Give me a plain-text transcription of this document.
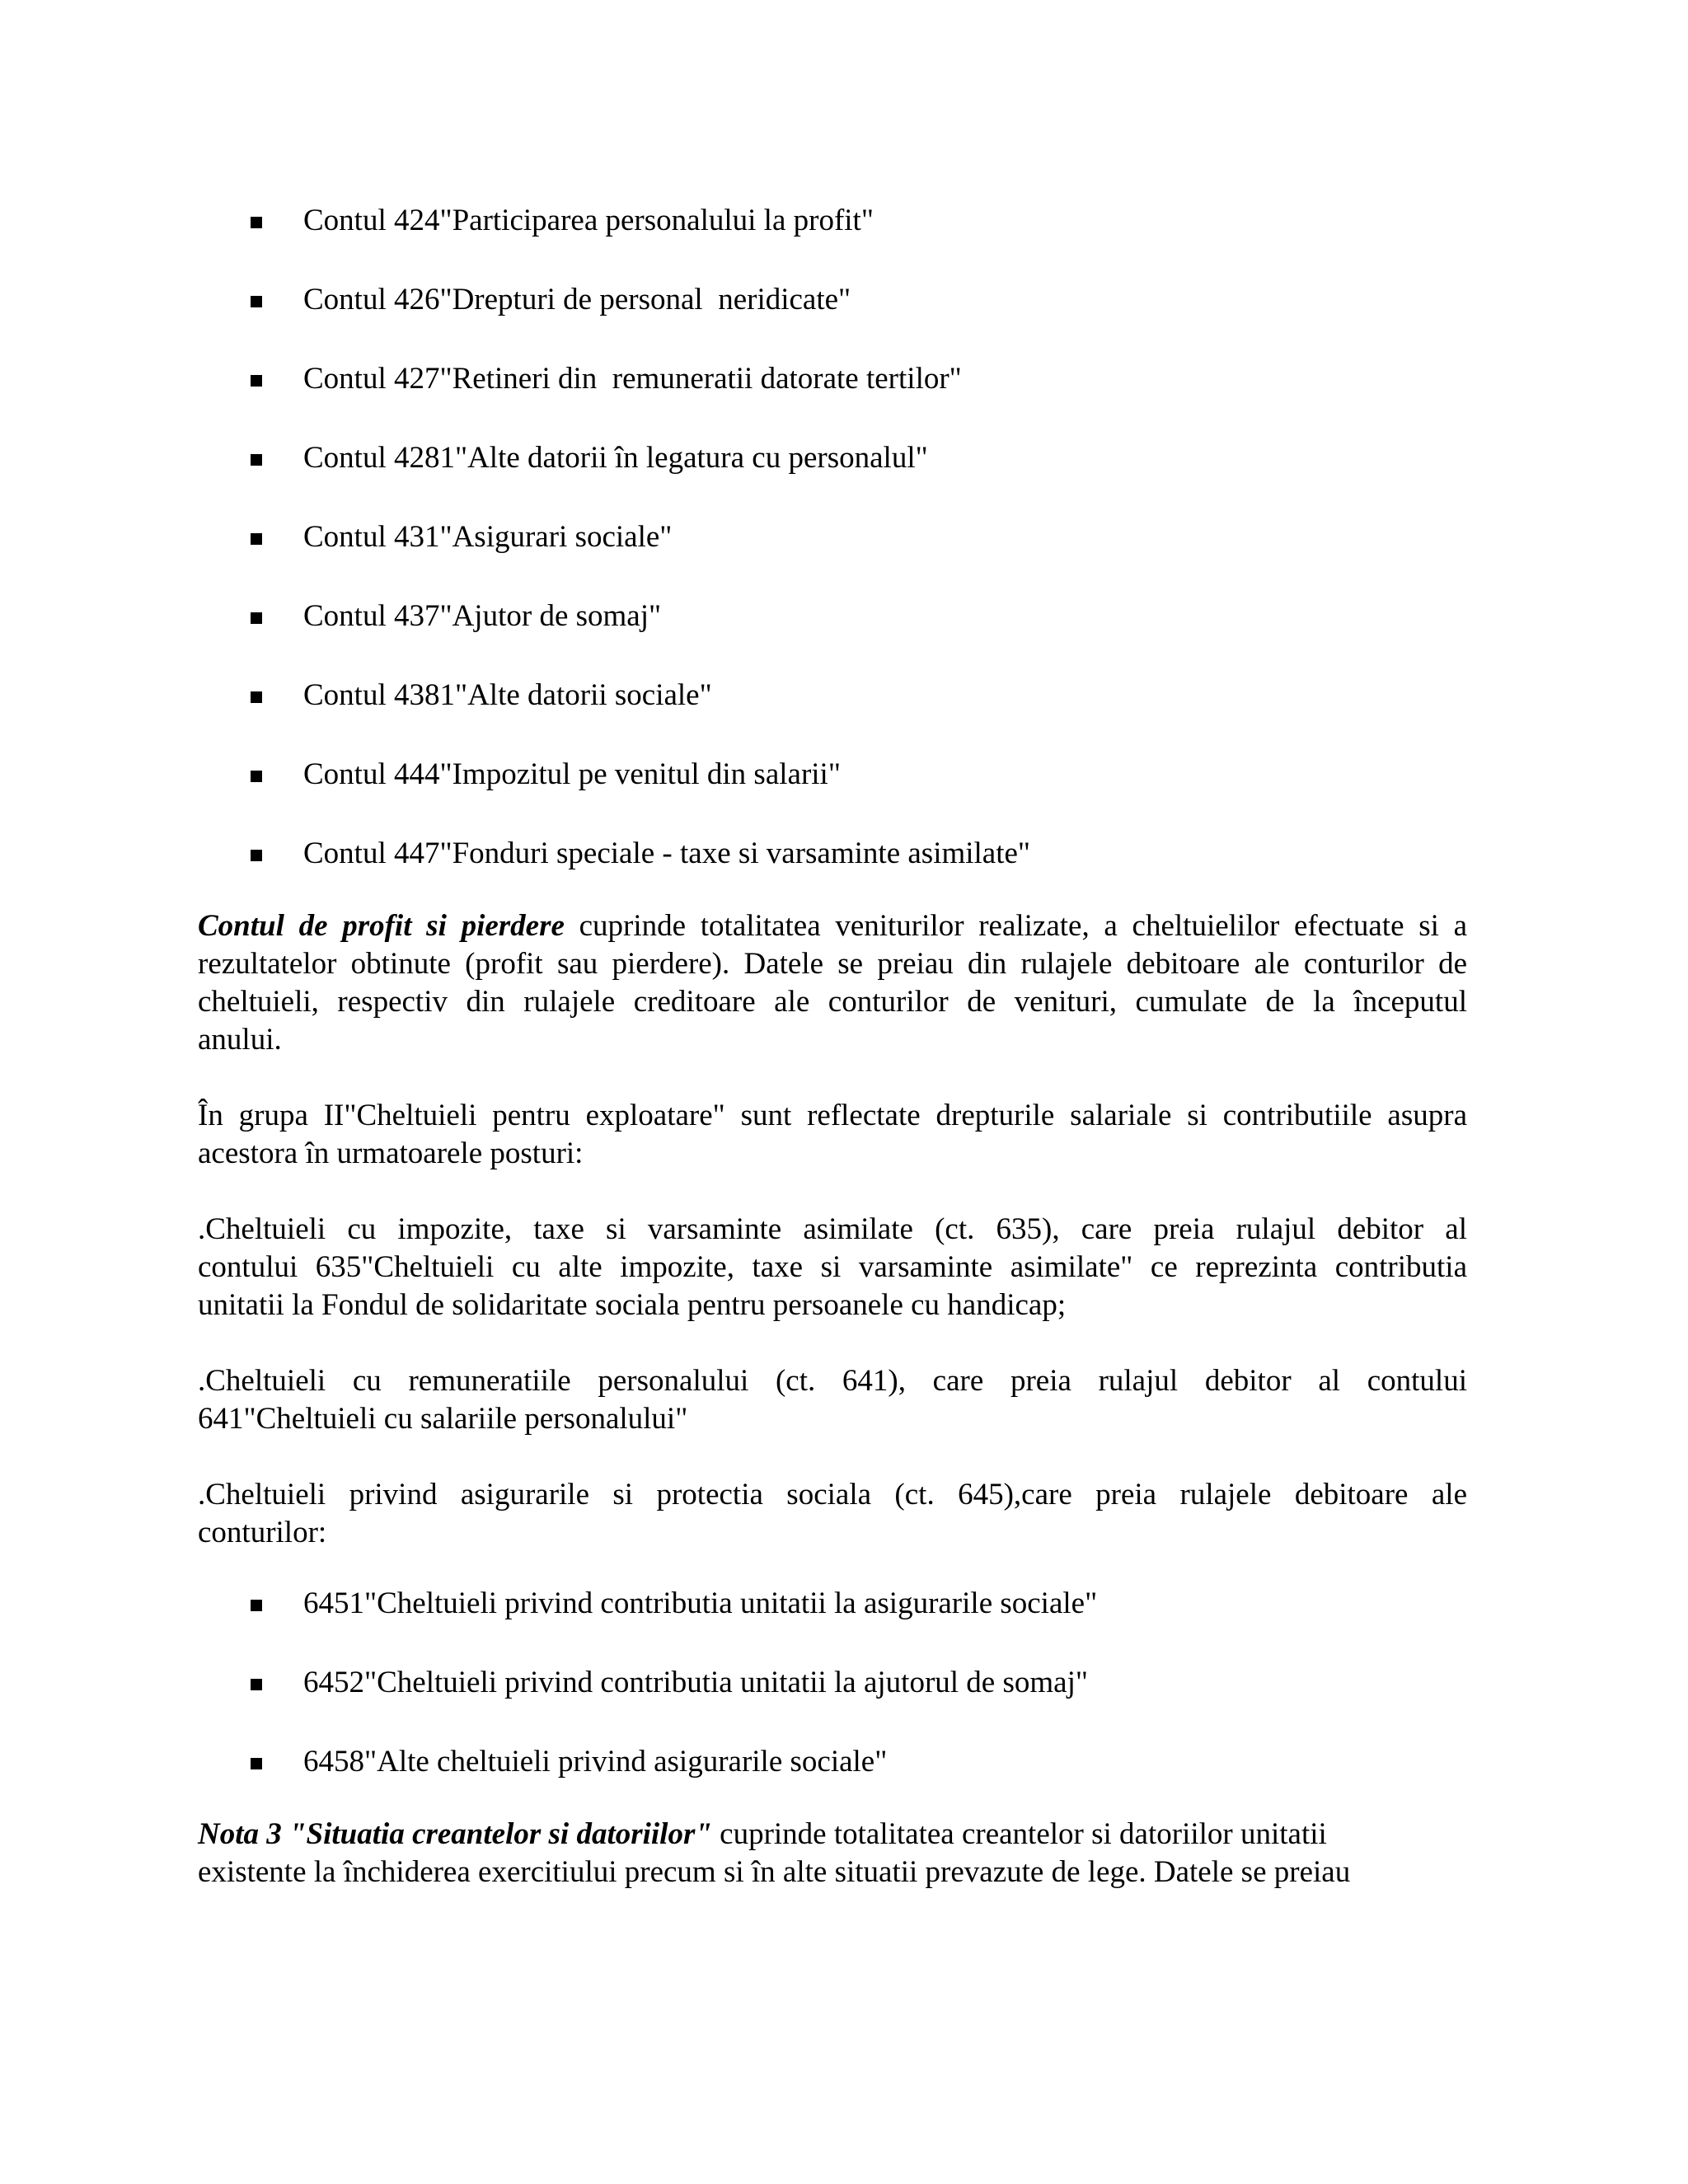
Contul 424"Participarea personalului la profit"
Contul 426"Drepturi de personal  neridicate"
Contul 427"Retineri din  remuneratii datorate tertilor"
Contul 4281"Alte datorii în legatura cu personalul"
Contul 431"Asigurari sociale"
Contul 437"Ajutor de somaj"
Contul 4381"Alte datorii sociale"
Contul 444"Impozitul pe venitul din salarii"
Contul 447"Fonduri speciale - taxe si varsaminte asimilate"
Contul de profit si pierdere cuprinde totalitatea veniturilor realizate, a cheltuielilor efectuate si a
rezultatelor obtinute (profit sau pierdere). Datele se preiau din rulajele debitoare ale conturilor de
cheltuieli, respectiv din rulajele creditoare ale conturilor de venituri, cumulate de la începutul
anului.
În grupa II"Cheltuieli pentru exploatare" sunt reflectate drepturile salariale si contributiile asupra
acestora în urmatoarele posturi:
.Cheltuieli cu impozite, taxe si varsaminte asimilate (ct. 635), care preia rulajul debitor al
contului 635"Cheltuieli cu alte impozite, taxe si varsaminte asimilate" ce reprezinta contributia
unitatii la Fondul de solidaritate sociala pentru persoanele cu handicap;
.Cheltuieli cu remuneratiile personalului (ct. 641), care preia rulajul debitor al contului
641"Cheltuieli cu salariile personalului"
.Cheltuieli privind asigurarile si protectia sociala (ct. 645),care preia rulajele debitoare ale
conturilor:
6451"Cheltuieli privind contributia unitatii la asigurarile sociale"
6452"Cheltuieli privind contributia unitatii la ajutorul de somaj"
6458"Alte cheltuieli privind asigurarile sociale"
Nota 3 "Situatia creantelor si datoriilor" cuprinde totalitatea creantelor si datoriilor unitatii
existente la închiderea exercitiului precum si în alte situatii prevazute de lege. Datele se preiau
